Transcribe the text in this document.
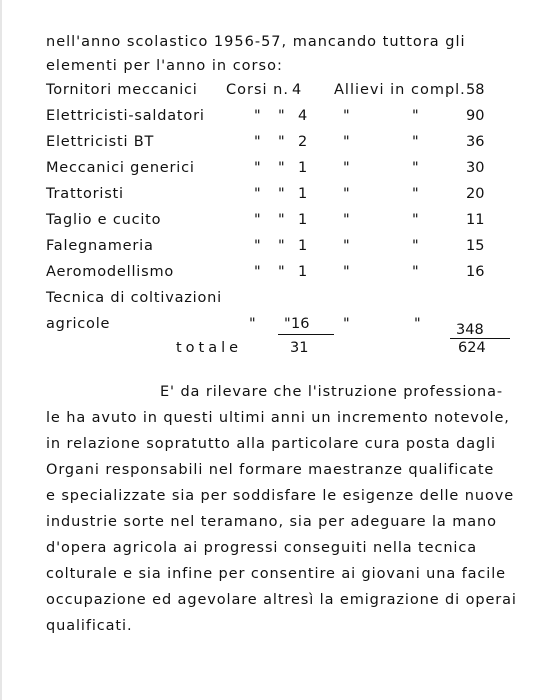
nell'anno scolastico 1956-57, mancando tuttora gli
elementi per l'anno in corso:
Tornitori meccanici Corsi n. 4 Allievi in compl. 58
Elettricisti-saldatori	" " 4 "	"	90
Elettricisti BT	" " 2 "	"	36
Meccanici generici	" " 1 "	"	30
Trattoristi	" " 1 "	"	20
Taglio e cucito	" " 1 "	"	11
Falegnameria	" " 1 "	"	15
Aeromodellismo	" " 1 "	"	16
Tecnica di coltivazioni
agricole	" " 16 "	" 348
totale	31	624
E' da rilevare che l'istruzione professiona-
le ha avuto in questi ultimi anni un incremento notevole,
in relazione sopratutto alla particolare cura posta dagli
Organi responsabili nel formare maestranze qualificate
e specializzate sia per soddisfare le esigenze delle nuove
industrie sorte nel teramano, sia per adeguare la mano
d'opera agricola ai progressi conseguiti nella tecnica
colturale e sia infine per consentire ai giovani una facile
occupazione ed agevolare altresì la emigrazione di operai
qualificati.
